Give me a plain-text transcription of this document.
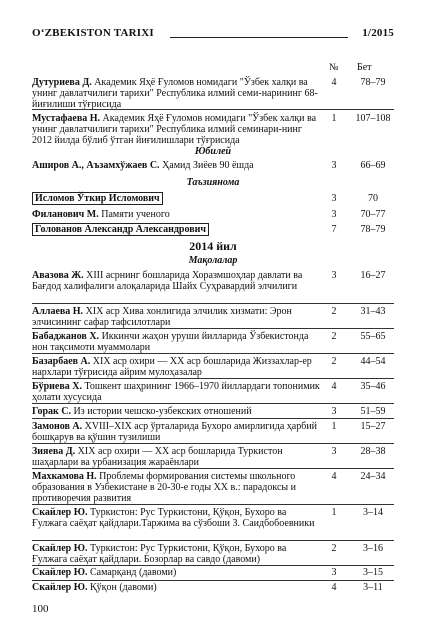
O‘ZBEKISTON TARIXI	1/2015
№ Бет
Дутуриева Д. Академик Яҳё Ғуломов номидаги "Ўзбек халқи ва унинг давлатчилиги тарихи" Республика илмий семи-нарининг 68-йиғилиши тўғрисида
4	78–79
Мустафаева Н. Академик Яҳё Ғуломов номидаги "Ўзбек халқи ва унинг давлатчилиги тарихи" Республика илмий семинари-нинг 2012 йилда бўлиб ўтган йиғилишлари тўғрисида
1	107–108
Юбилей
Аширов А., Аъзамхўжаев С. Ҳамид Зиёев 90 ёшда	3	66–69
Таъзиянома
Исломов Ўткир Исломович	3	70
Филанович М. Памяти ученого	3	70–77
Голованов Александр Александрович	7	78–79
2014 йил
Мақолалар
Авазова Ж. XIII асрнинг бошларида Хоразмшоҳлар давлати ва Бағдод халифалиги алоқаларида Шайх Суҳравардий элчилиги
3	16–27
Аллаева Н. XIX аср Хива хонлигида элчилик хизмати: Эрон элчисининг сафар тафсилотлари
2	31–43
Бабаджанов Х. Иккинчи жаҳон уруши йилларида Ўзбекистонда нон тақсимоти муаммолари
2	55–65
Базарбаев А. XIX аср охири — XX аср бошларида Жиззахлар-ер нархлари тўғрисида айрим мулоҳазалар
2	44–54
Бўриева Х. Тошкент шаҳрининг 1966–1970 йиллардаги топонимик ҳолати хусусида
4	35–46
Горак С. Из истории чешско-узбекских отношений	3	51–59
Замонов А. XVIII–XIX аср ўрталарида Бухоро амирлигида ҳарбий бошқарув ва қўшин тузилиши
1	15–27
Зияева Д. XIX аср охири — XX аср бошларида Туркистон шаҳарлари ва урбанизация жараёнлари
3	28–38
Махкамова Н. Проблемы формирования системы школьного образования в Узбекистане в 20-30-е годы XX в.: парадоксы и противоречия развития
4	24–34
Скайлер Ю. Туркистон: Рус Туркистони, Қўқон, Бухоро ва Ғулжага саёҳат қайдлари.Таржима ва сўзбоши З. Саидбобоевники
1	3–14
Скайлер Ю. Туркистон: Рус Туркистони, Қўқон, Бухоро ва Ғулжага саёҳат қайдлари. Бозорлар ва савдо (давоми)
2	3–16
Скайлер Ю. Самарқанд (давоми)	3	3–15
Скайлер Ю. Қўқон (давоми)	4	3–11
100
